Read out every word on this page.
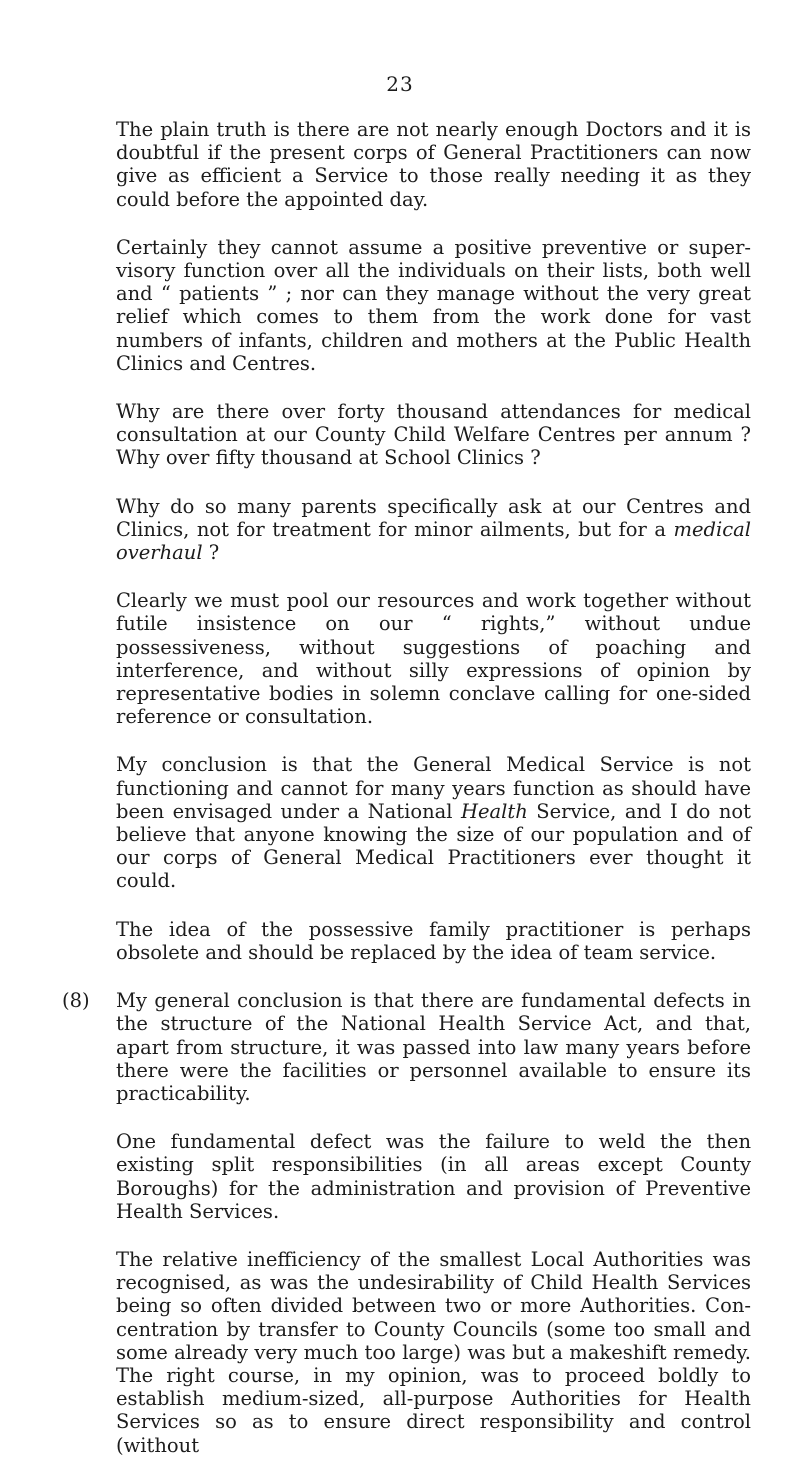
23

The plain truth is there are not nearly enough Doctors and it is doubtful if the present corps of General Practitioners can now give as efficient a Service to those really needing it as they could before the appointed day.

Certainly they cannot assume a positive preventive or super-visory function over all the individuals on their lists, both well and “ patients ” ; nor can they manage without the very great relief which comes to them from the work done for vast numbers of infants, children and mothers at the Public Health Clinics and Centres.

Why are there over forty thousand attendances for medical consultation at our County Child Welfare Centres per annum ? Why over fifty thousand at School Clinics ?

Why do so many parents specifically ask at our Centres and Clinics, not for treatment for minor ailments, but for a medical overhaul ?

Clearly we must pool our resources and work together without futile insistence on our “ rights,” without undue possessiveness, without suggestions of poaching and interference, and without silly expressions of opinion by representative bodies in solemn conclave calling for one-sided reference or consultation.

My conclusion is that the General Medical Service is not functioning and cannot for many years function as should have been envisaged under a National Health Service, and I do not believe that anyone knowing the size of our population and of our corps of General Medical Practitioners ever thought it could.

The idea of the possessive family practitioner is perhaps obsolete and should be replaced by the idea of team service.

(8) My general conclusion is that there are fundamental defects in the structure of the National Health Service Act, and that, apart from structure, it was passed into law many years before there were the facilities or personnel available to ensure its practicability.

One fundamental defect was the failure to weld the then existing split responsibilities (in all areas except County Boroughs) for the administration and provision of Preventive Health Services.

The relative inefficiency of the smallest Local Authorities was recognised, as was the undesirability of Child Health Services being so often divided between two or more Authorities. Con-centration by transfer to County Councils (some too small and some already very much too large) was but a makeshift remedy. The right course, in my opinion, was to proceed boldly to establish medium-sized, all-purpose Authorities for Health Services so as to ensure direct responsibility and control (without
